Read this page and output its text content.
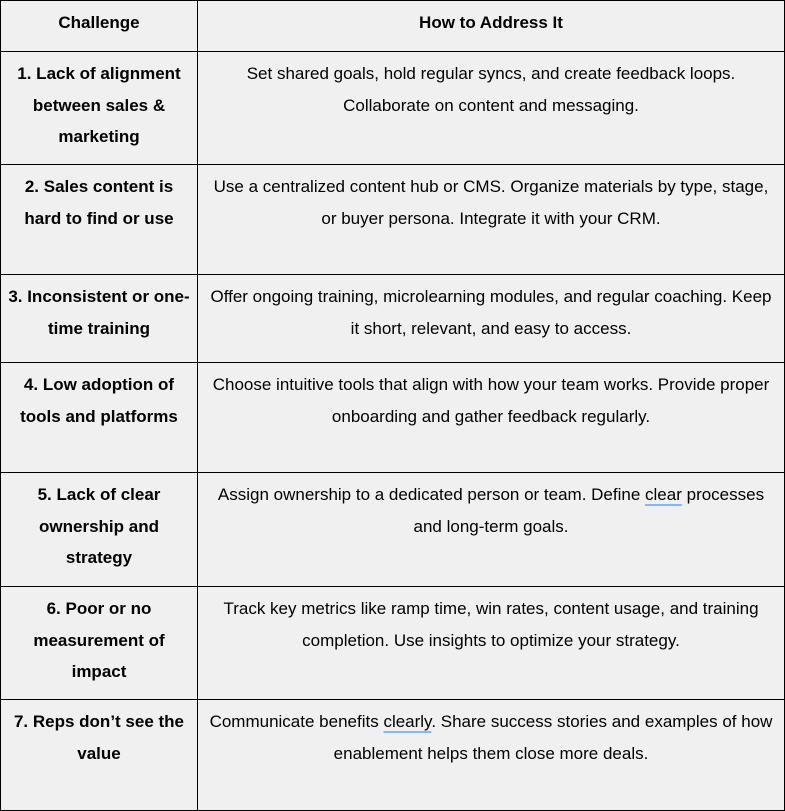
Challenge	How to Address It
1. Lack of alignment between sales & marketing	Set shared goals, hold regular syncs, and create feedback loops. Collaborate on content and messaging.
2. Sales content is hard to find or use	Use a centralized content hub or CMS. Organize materials by type, stage, or buyer persona. Integrate it with your CRM.
3. Inconsistent or one-time training	Offer ongoing training, microlearning modules, and regular coaching. Keep it short, relevant, and easy to access.
4. Low adoption of tools and platforms	Choose intuitive tools that align with how your team works. Provide proper onboarding and gather feedback regularly.
5. Lack of clear ownership and strategy	Assign ownership to a dedicated person or team. Define clear processes and long-term goals.
6. Poor or no measurement of impact	Track key metrics like ramp time, win rates, content usage, and training completion. Use insights to optimize your strategy.
7. Reps don’t see the value	Communicate benefits clearly. Share success stories and examples of how enablement helps them close more deals.
